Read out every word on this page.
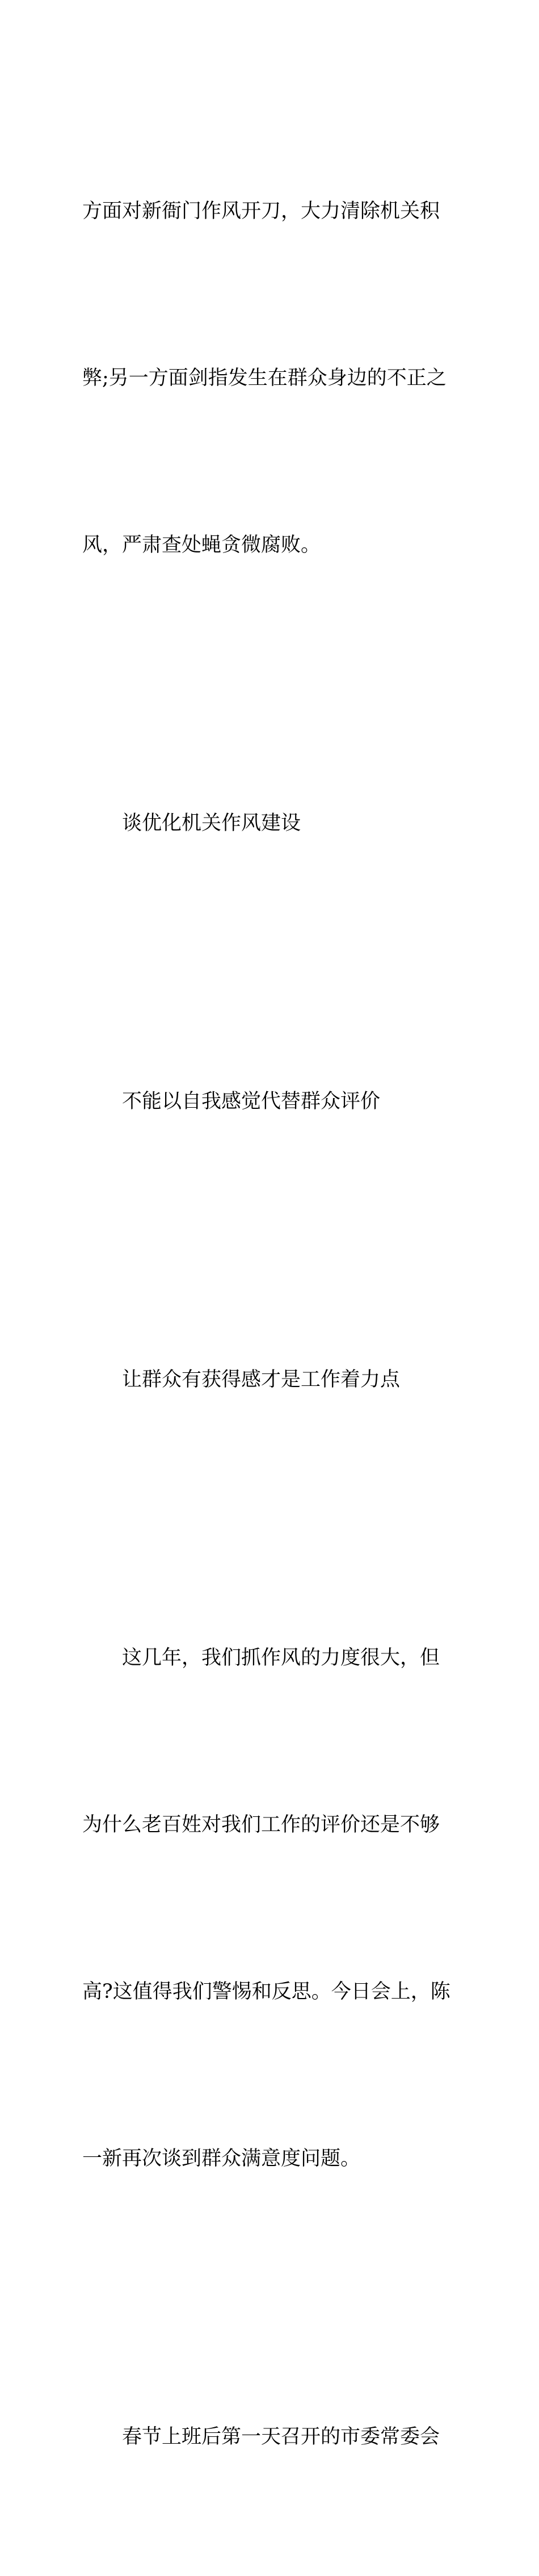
方面对新衙门作风开刀，大力清除机关积

弊;另一方面剑指发生在群众身边的不正之

风，严肃查处蝇贪微腐败。

谈优化机关作风建设

不能以自我感觉代替群众评价

让群众有获得感才是工作着力点

这几年，我们抓作风的力度很大，但

为什么老百姓对我们工作的评价还是不够

高?这值得我们警惕和反思。今日会上，陈

一新再次谈到群众满意度问题。

春节上班后第一天召开的市委常委会
